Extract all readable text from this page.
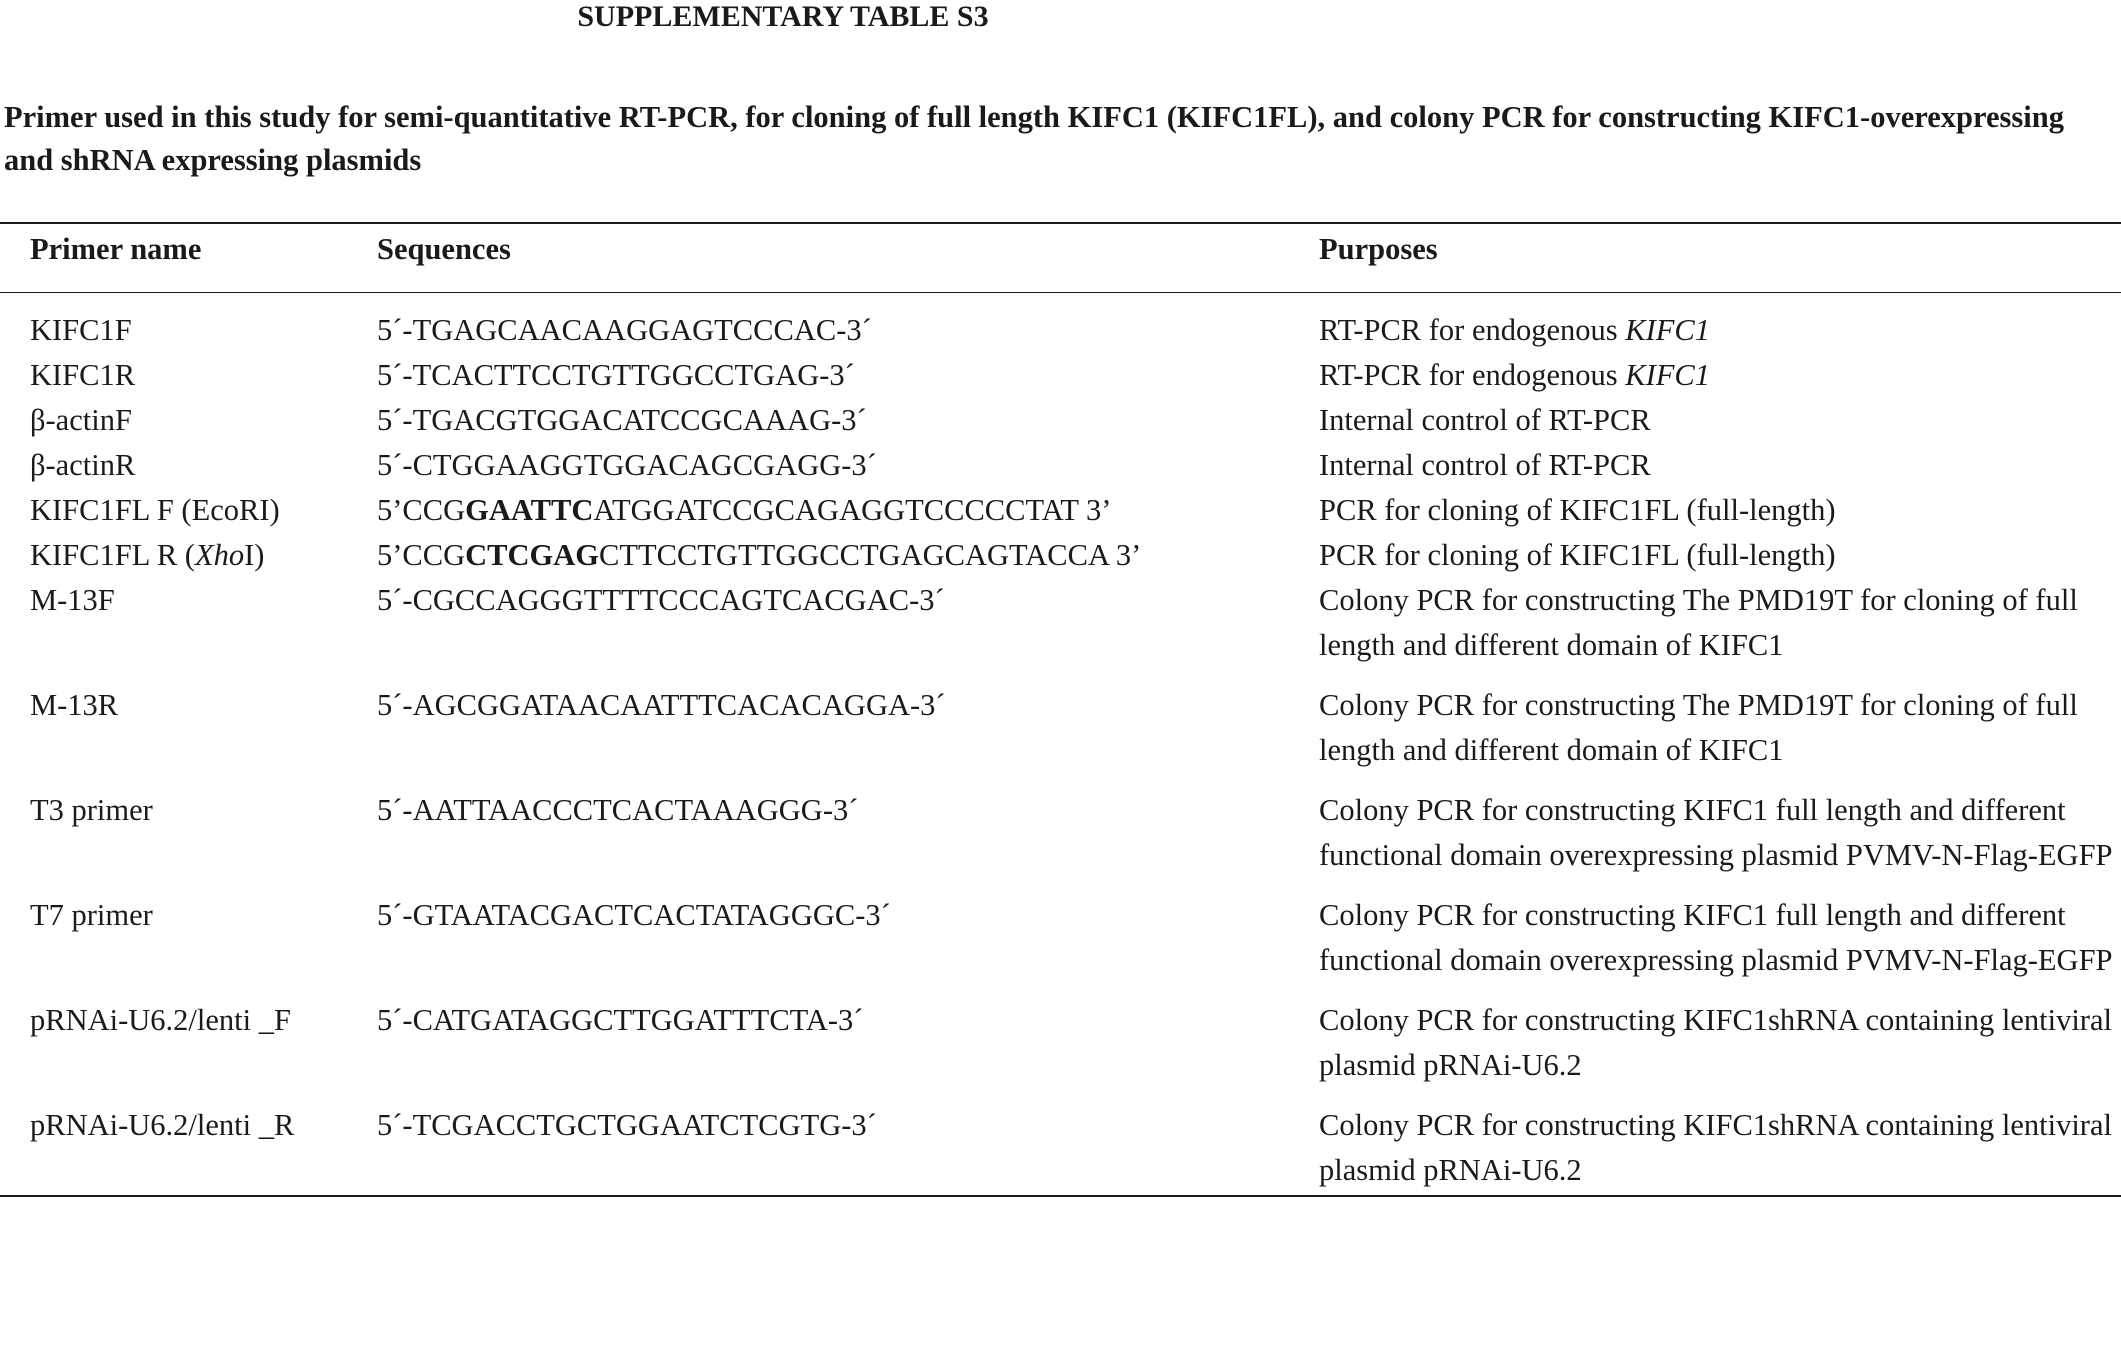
SUPPLEMENTARY TABLE S3

Primer used in this study for semi-quantitative RT-PCR, for cloning of full length KIFC1 (KIFC1FL), and colony PCR for constructing KIFC1-overexpressing and shRNA expressing plasmids

Primer name	Sequences	Purposes
KIFC1F	5´-TGAGCAACAAGGAGTCCCAC-3´	RT-PCR for endogenous KIFC1
KIFC1R	5´-TCACTTCCTGTTGGCCTGAG-3´	RT-PCR for endogenous KIFC1
β-actinF	5´-TGACGTGGACATCCGCAAAG-3´	Internal control of RT-PCR
β-actinR	5´-CTGGAAGGTGGACAGCGAGG-3´	Internal control of RT-PCR
KIFC1FL F (EcoRI)	5’CCGGAATTCATGGATCCGCAGAGGTCCCCCTAT 3’	PCR for cloning of KIFC1FL (full-length)
KIFC1FL R (XhoI)	5’CCGCTCGAGCTTCCTGTTGGCCTGAGCAGTACCA 3’	PCR for cloning of KIFC1FL (full-length)
M-13F	5´-CGCCAGGGTTTTCCCAGTCACGAC-3´	Colony PCR for constructing The PMD19T for cloning of full length and different domain of KIFC1
M-13R	5´-AGCGGATAACAATTTCACACAGGA-3´	Colony PCR for constructing The PMD19T for cloning of full length and different domain of KIFC1
T3 primer	5´-AATTAACCCTCACTAAAGGG-3´	Colony PCR for constructing KIFC1 full length and different functional domain overexpressing plasmid PVMV-N-Flag-EGFP
T7 primer	5´-GTAATACGACTCACTATAGGGC-3´	Colony PCR for constructing KIFC1 full length and different functional domain overexpressing plasmid PVMV-N-Flag-EGFP
pRNAi-U6.2/lenti _F	5´-CATGATAGGCTTGGATTTCTA-3´	Colony PCR for constructing KIFC1shRNA containing lentiviral plasmid pRNAi-U6.2
pRNAi-U6.2/lenti _R	5´-TCGACCTGCTGGAATCTCGTG-3´	Colony PCR for constructing KIFC1shRNA containing lentiviral plasmid pRNAi-U6.2
